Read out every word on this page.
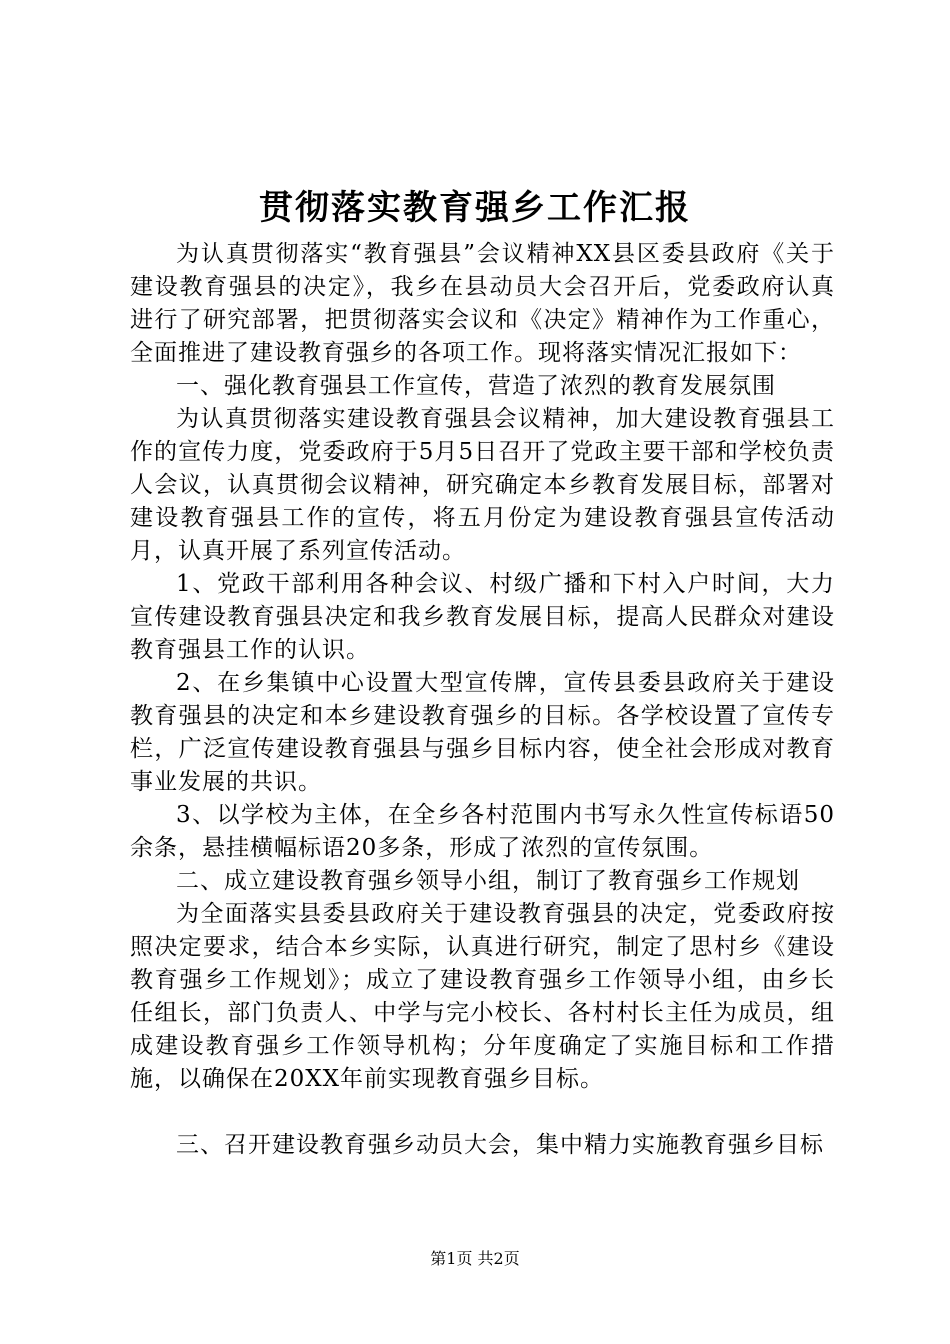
贯彻落实教育强乡工作汇报

为认真贯彻落实“教育强县”会议精神XX县区委县政府《关于建设教育强县的决定》，我乡在县动员大会召开后，党委政府认真进行了研究部署，把贯彻落实会议和《决定》精神作为工作重心，全面推进了建设教育强乡的各项工作。现将落实情况汇报如下：

一、强化教育强县工作宣传，营造了浓烈的教育发展氛围

为认真贯彻落实建设教育强县会议精神，加大建设教育强县工作的宣传力度，党委政府于5月5日召开了党政主要干部和学校负责人会议，认真贯彻会议精神，研究确定本乡教育发展目标，部署对建设教育强县工作的宣传，将五月份定为建设教育强县宣传活动月，认真开展了系列宣传活动。

1、党政干部利用各种会议、村级广播和下村入户时间，大力宣传建设教育强县决定和我乡教育发展目标，提高人民群众对建设教育强县工作的认识。

2、在乡集镇中心设置大型宣传牌，宣传县委县政府关于建设教育强县的决定和本乡建设教育强乡的目标。各学校设置了宣传专栏，广泛宣传建设教育强县与强乡目标内容，使全社会形成对教育事业发展的共识。

3、以学校为主体，在全乡各村范围内书写永久性宣传标语50余条，悬挂横幅标语20多条，形成了浓烈的宣传氛围。

二、成立建设教育强乡领导小组，制订了教育强乡工作规划

为全面落实县委县政府关于建设教育强县的决定，党委政府按照决定要求，结合本乡实际，认真进行研究，制定了思村乡《建设教育强乡工作规划》；成立了建设教育强乡工作领导小组，由乡长任组长，部门负责人、中学与完小校长、各村村长主任为成员，组成建设教育强乡工作领导机构；分年度确定了实施目标和工作措施，以确保在20XX年前实现教育强乡目标。

三、召开建设教育强乡动员大会，集中精力实施教育强乡目标

第1页 共2页
